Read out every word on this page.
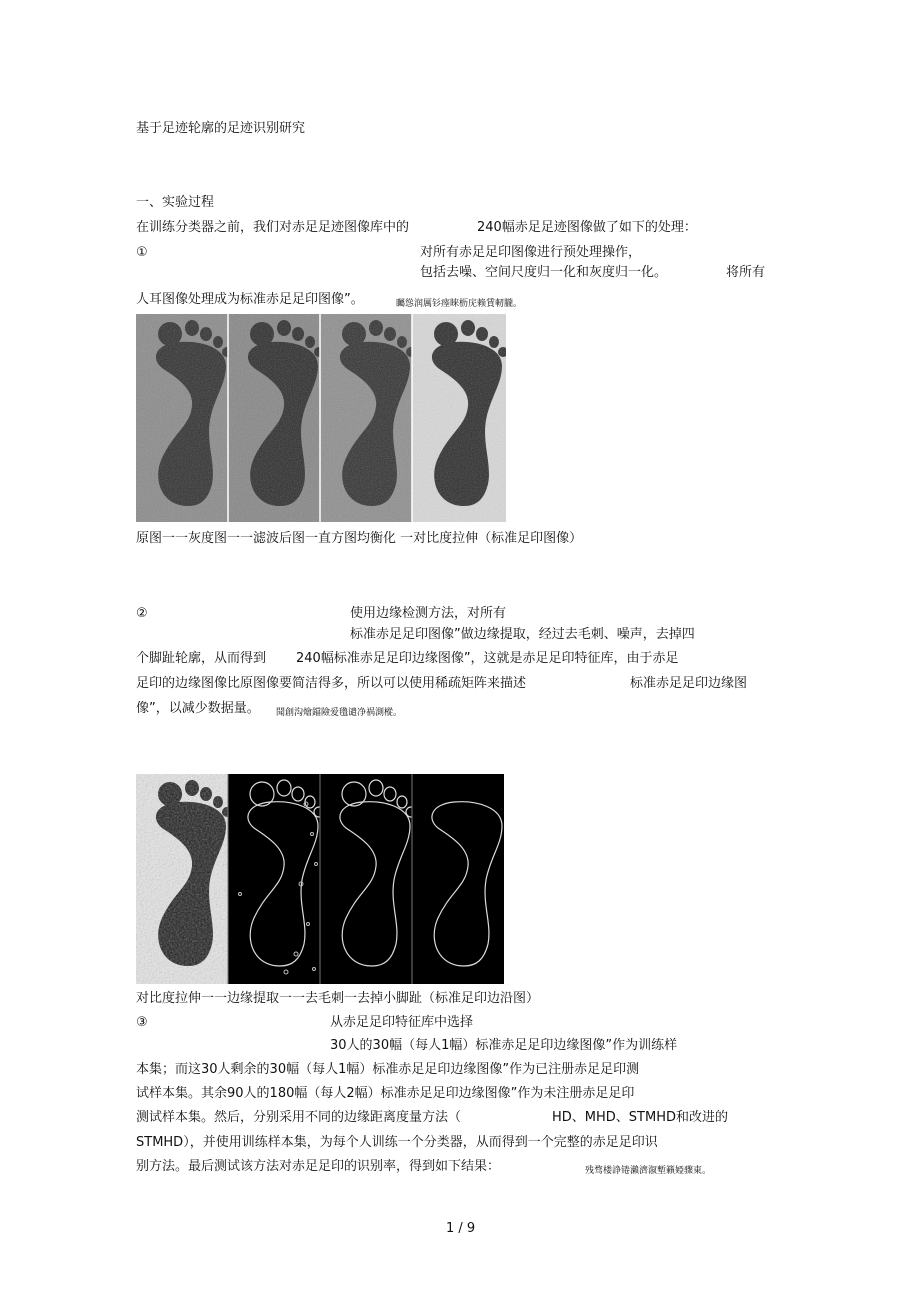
基于足迹轮廓的足迹识别研究
一、实验过程
在训练分类器之前，我们对赤足足迹图像库中的	240幅赤足足迹图像做了如下的处理：
①	对所有赤足足印图像进行预处理操作，
包括去噪、空间尺度归一化和灰度归一化。	将所有
人耳图像处理成为标准赤足足印图像”。	矚慫润厲钐瘗睞枥庑赖賃軔朧。
原图一一灰度图一一滤波后图一直方图均衡化 一对比度拉伸（标准足印图像）
②	使用边缘检测方法，对所有
标准赤足足印图像”做边缘提取，经过去毛刺、噪声，去掉四
个脚趾轮廓，从而得到 240幅标准赤足足印边缘图像”，这就是赤足足印特征库，由于赤足
足印的边缘图像比原图像要简洁得多，所以可以使用稀疏矩阵来描述	标准赤足足印边缘图
像”，以减少数据量。 聞創沟燴鐺險爱氇谴净祸測樅。
对比度拉伸一一边缘提取一一去毛刺一去掉小脚趾（标准足印边沿图）
③	从赤足足印特征库中选择
30人的30幅（每人1幅）标准赤足足印边缘图像”作为训练样
本集；而这30人剩余的30幅（每人1幅）标准赤足足印边缘图像”作为已注册赤足足印测
试样本集。其余90人的180幅（每人2幅）标准赤足足印边缘图像”作为未注册赤足足印
测试样本集。然后，分别采用不同的边缘距离度量方法（	HD、MHD、STMHD和改进的
STMHD），并使用训练样本集，为每个人训练一个分类器，从而得到一个完整的赤足足印识
别方法。最后测试该方法对赤足足印的识别率，得到如下结果：	残骛楼諍锩瀨濟溆塹籟婭骤東。
1 / 9
